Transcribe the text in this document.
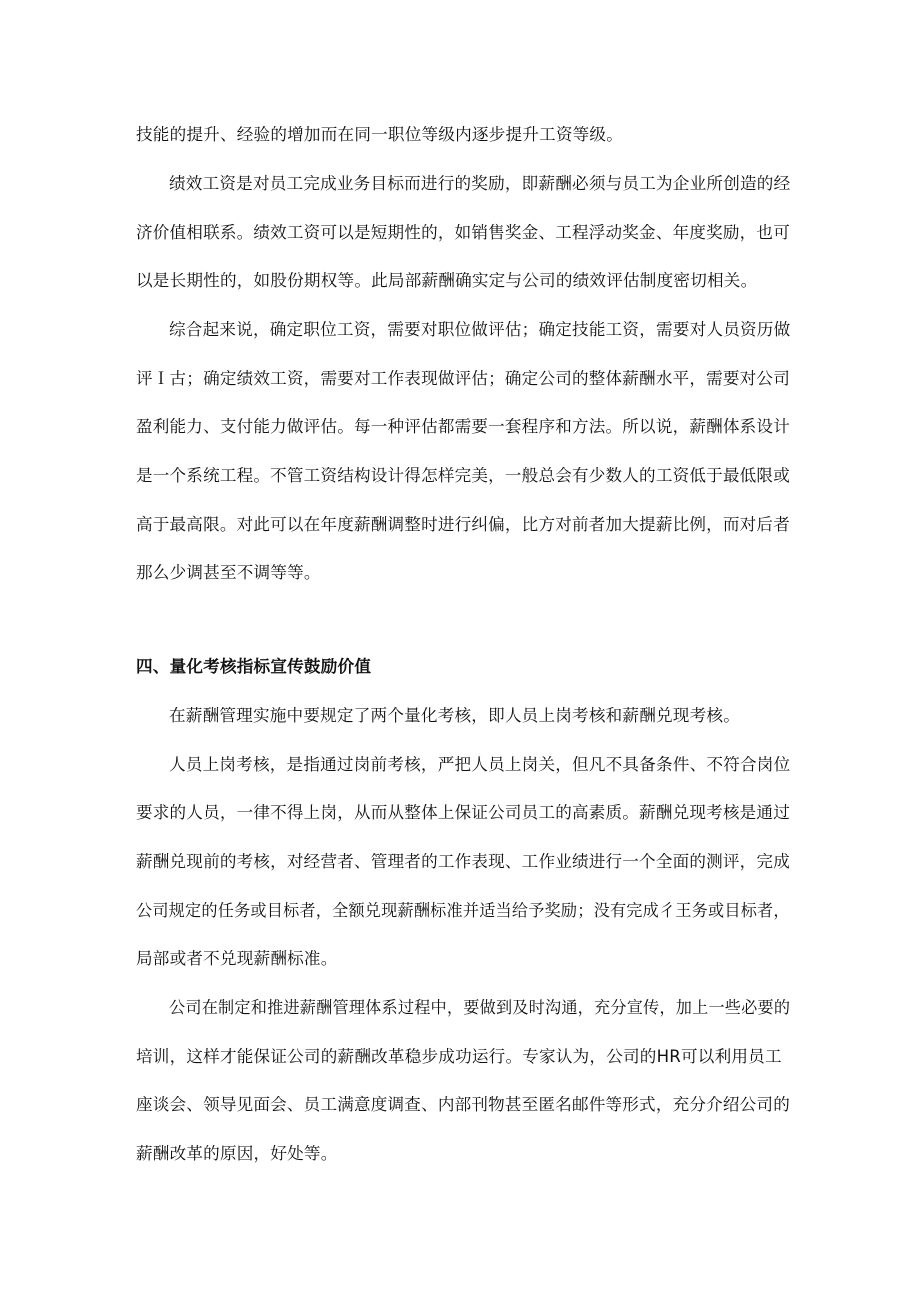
技能的提升、经验的增加而在同一职位等级内逐步提升工资等级。
绩效工资是对员工完成业务目标而进行的奖励，即薪酬必须与员工为企业所创造的经
济价值相联系。绩效工资可以是短期性的，如销售奖金、工程浮动奖金、年度奖励，也可
以是长期性的，如股份期权等。此局部薪酬确实定与公司的绩效评估制度密切相关。
综合起来说，确定职位工资，需要对职位做评估；确定技能工资，需要对人员资历做
评Ｉ古；确定绩效工资，需要对工作表现做评估；确定公司的整体薪酬水平，需要对公司
盈利能力、支付能力做评估。每一种评估都需要一套程序和方法。所以说，薪酬体系设计
是一个系统工程。不管工资结构设计得怎样完美，一般总会有少数人的工资低于最低限或
高于最高限。对此可以在年度薪酬调整时进行纠偏，比方对前者加大提薪比例，而对后者
那么少调甚至不调等等。
四、量化考核指标宣传鼓励价值
在薪酬管理实施中要规定了两个量化考核，即人员上岗考核和薪酬兑现考核。
人员上岗考核，是指通过岗前考核，严把人员上岗关，但凡不具备条件、不符合岗位
要求的人员，一律不得上岗，从而从整体上保证公司员工的高素质。薪酬兑现考核是通过
薪酬兑现前的考核，对经营者、管理者的工作表现、工作业绩进行一个全面的测评，完成
公司规定的任务或目标者，全额兑现薪酬标准并适当给予奖励；没有完成彳王务或目标者，
局部或者不兑现薪酬标准。
公司在制定和推进薪酬管理体系过程中，要做到及时沟通，充分宣传，加上一些必要的
培训，这样才能保证公司的薪酬改革稳步成功运行。专家认为，公司的HR可以利用员工
座谈会、领导见面会、员工满意度调查、内部刊物甚至匿名邮件等形式，充分介绍公司的
薪酬改革的原因，好处等。
